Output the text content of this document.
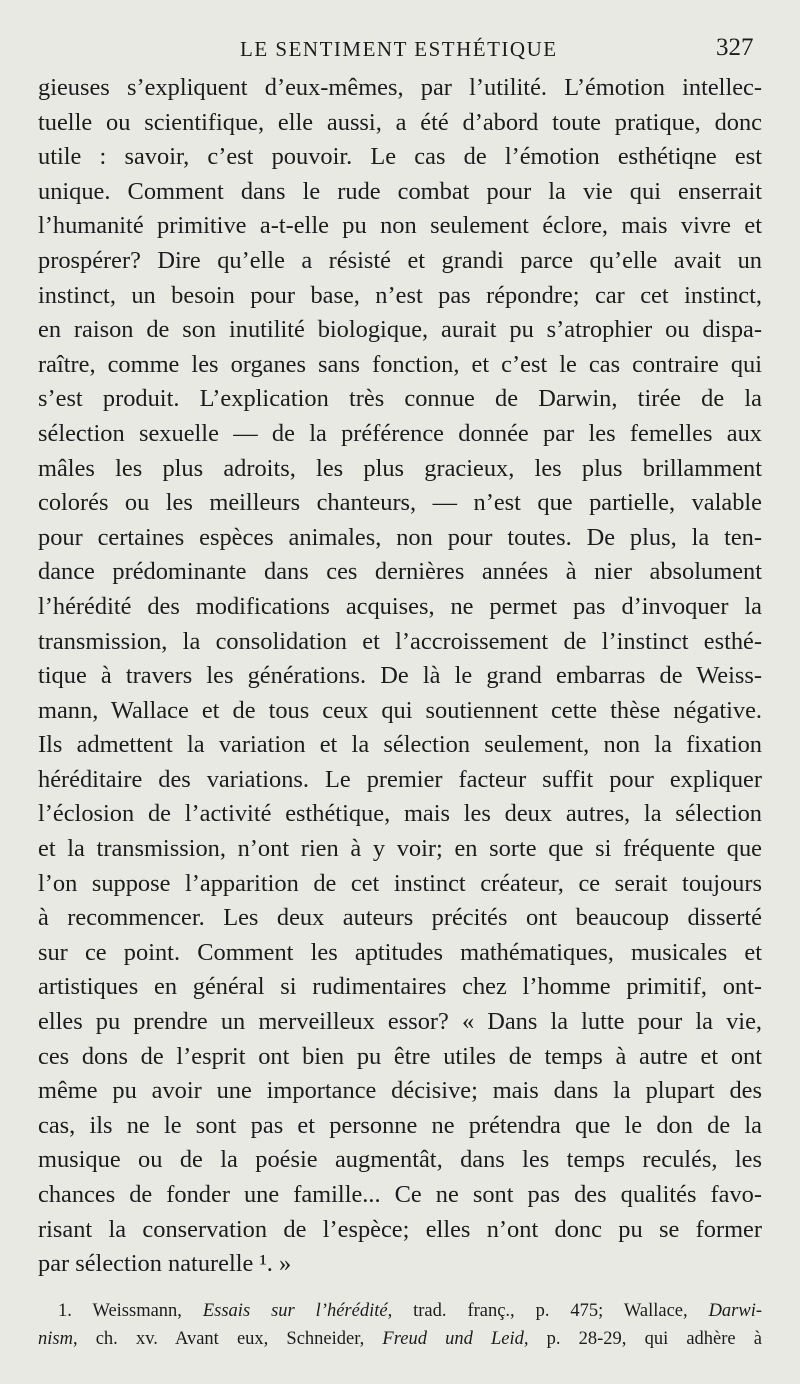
LE SENTIMENT ESTHÉTIQUE	327
gieuses s’expliquent d’eux-mêmes, par l’utilité. L’émotion intellec-
tuelle ou scientifique, elle aussi, a été d’abord toute pratique, donc
utile : savoir, c’est pouvoir. Le cas de l’émotion esthétiqne est
unique. Comment dans le rude combat pour la vie qui enserrait
l’humanité primitive a-t-elle pu non seulement éclore, mais vivre et
prospérer? Dire qu’elle a résisté et grandi parce qu’elle avait un
instinct, un besoin pour base, n’est pas répondre; car cet instinct,
en raison de son inutilité biologique, aurait pu s’atrophier ou dispa-
raître, comme les organes sans fonction, et c’est le cas contraire qui
s’est produit. L’explication très connue de Darwin, tirée de la
sélection sexuelle — de la préférence donnée par les femelles aux
mâles les plus adroits, les plus gracieux, les plus brillamment
colorés ou les meilleurs chanteurs, — n’est que partielle, valable
pour certaines espèces animales, non pour toutes. De plus, la ten-
dance prédominante dans ces dernières années à nier absolument
l’hérédité des modifications acquises, ne permet pas d’invoquer la
transmission, la consolidation et l’accroissement de l’instinct esthé-
tique à travers les générations. De là le grand embarras de Weiss-
mann, Wallace et de tous ceux qui soutiennent cette thèse négative.
Ils admettent la variation et la sélection seulement, non la fixation
héréditaire des variations. Le premier facteur suffit pour expliquer
l’éclosion de l’activité esthétique, mais les deux autres, la sélection
et la transmission, n’ont rien à y voir; en sorte que si fréquente que
l’on suppose l’apparition de cet instinct créateur, ce serait toujours
à recommencer. Les deux auteurs précités ont beaucoup disserté
sur ce point. Comment les aptitudes mathématiques, musicales et
artistiques en général si rudimentaires chez l’homme primitif, ont-
elles pu prendre un merveilleux essor? « Dans la lutte pour la vie,
ces dons de l’esprit ont bien pu être utiles de temps à autre et ont
même pu avoir une importance décisive; mais dans la plupart des
cas, ils ne le sont pas et personne ne prétendra que le don de la
musique ou de la poésie augmentât, dans les temps reculés, les
chances de fonder une famille... Ce ne sont pas des qualités favo-
risant la conservation de l’espèce; elles n’ont donc pu se former
par sélection naturelle ¹. »
1. Weissmann, Essais sur l’hérédité, trad. franç., p. 475; Wallace, Darwi-
nism, ch. xv. Avant eux, Schneider, Freud und Leid, p. 28-29, qui adhère à
